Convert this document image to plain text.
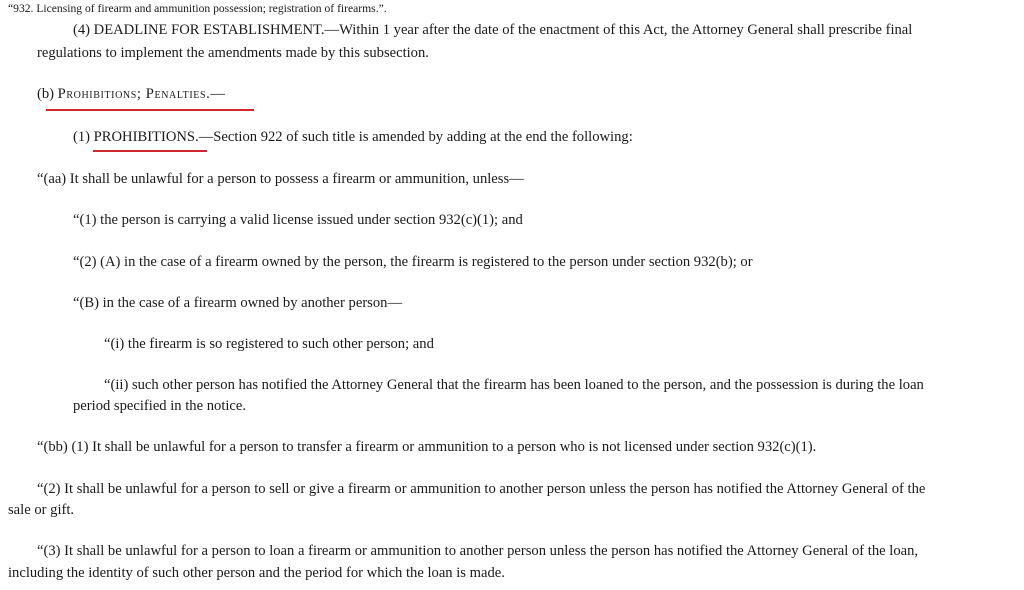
“932. Licensing of firearm and ammunition possession; registration of firearms.”.
(4) DEADLINE FOR ESTABLISHMENT.—Within 1 year after the date of the enactment of this Act, the Attorney General shall prescribe final
regulations to implement the amendments made by this subsection.
(b) Prohibitions; Penalties.—
(1) PROHIBITIONS.—Section 922 of such title is amended by adding at the end the following:
“(aa) It shall be unlawful for a person to possess a firearm or ammunition, unless—
“(1) the person is carrying a valid license issued under section 932(c)(1); and
“(2) (A) in the case of a firearm owned by the person, the firearm is registered to the person under section 932(b); or
“(B) in the case of a firearm owned by another person—
“(i) the firearm is so registered to such other person; and
“(ii) such other person has notified the Attorney General that the firearm has been loaned to the person, and the possession is during the loan
period specified in the notice.
“(bb) (1) It shall be unlawful for a person to transfer a firearm or ammunition to a person who is not licensed under section 932(c)(1).
“(2) It shall be unlawful for a person to sell or give a firearm or ammunition to another person unless the person has notified the Attorney General of the
sale or gift.
“(3) It shall be unlawful for a person to loan a firearm or ammunition to another person unless the person has notified the Attorney General of the loan,
including the identity of such other person and the period for which the loan is made.
